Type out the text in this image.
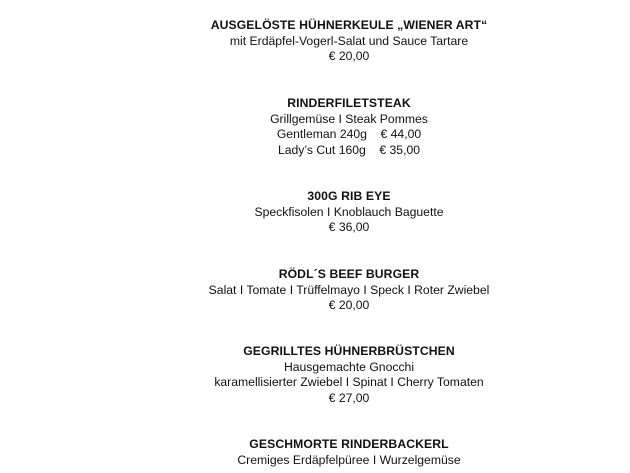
AUSGELÖSTE HÜHNERKEULE „WIENER ART“
mit Erdäpfel-Vogerl-Salat und Sauce Tartare
€ 20,00
RINDERFILETSTEAK
Grillgemüse I Steak Pommes
Gentleman 240g    € 44,00
Lady’s Cut 160g    € 35,00
300G RIB EYE
Speckfisolen I Knoblauch Baguette
€ 36,00
RÖDL´S BEEF BURGER
Salat I Tomate I Trüffelmayo I Speck I Roter Zwiebel
€ 20,00
GEGRILLTES HÜHNERBRÜSTCHEN
Hausgemachte Gnocchi
karamellisierter Zwiebel I Spinat I Cherry Tomaten
€ 27,00
GESCHMORTE RINDERBACKERL
Cremiges Erdäpfelpüree I Wurzelgemüse
